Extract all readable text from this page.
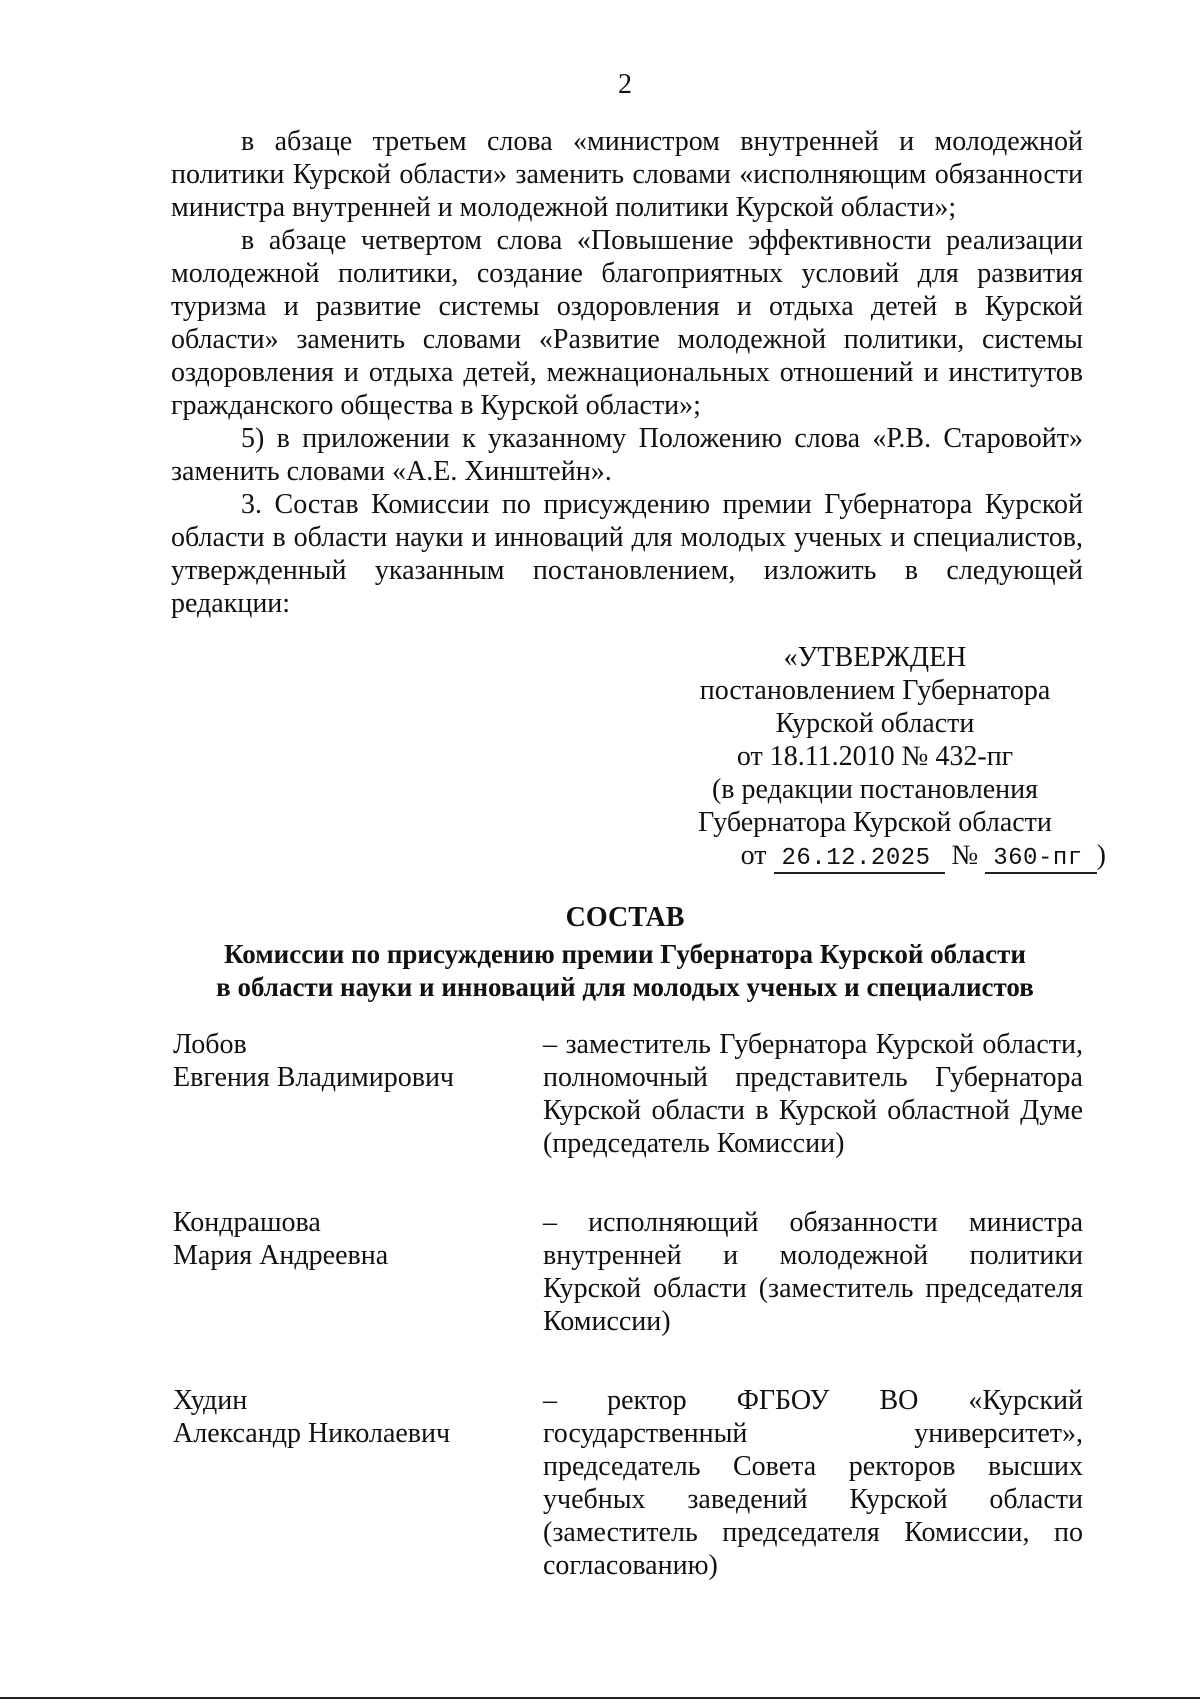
2

в абзаце третьем слова «министром внутренней и молодежной политики Курской области» заменить словами «исполняющим обязанности министра внутренней и молодежной политики Курской области»;

в абзаце четвертом слова «Повышение эффективности реализации молодежной политики, создание благоприятных условий для развития туризма и развитие системы оздоровления и отдыха детей в Курской области» заменить словами «Развитие молодежной политики, системы оздоровления и отдыха детей, межнациональных отношений и институтов гражданского общества в Курской области»;

5) в приложении к указанному Положению слова «Р.В. Старовойт» заменить словами «А.Е. Хинштейн».

3. Состав Комиссии по присуждению премии Губернатора Курской области в области науки и инноваций для молодых ученых и специалистов, утвержденный указанным постановлением, изложить в следующей редакции:

«УТВЕРЖДЕН
постановлением Губернатора
Курской области
от 18.11.2010 № 432-пг
(в редакции постановления
Губернатора Курской области
от 26.12.2025 № 360-пг )
СОСТАВ
Комиссии по присуждению премии Губернатора Курской области
в области науки и инноваций для молодых ученых и специалистов
Лобов
Евгения Владимирович
– заместитель Губернатора Курской области, полномочный представитель Губернатора Курской области в Курской областной Думе (председатель Комиссии)
Кондрашова
Мария Андреевна
– исполняющий обязанности министра внутренней и молодежной политики Курской области (заместитель председателя Комиссии)
Худин
Александр Николаевич
– ректор ФГБОУ ВО «Курский государственный университет», председатель Совета ректоров высших учебных заведений Курской области (заместитель председателя Комиссии, по согласованию)
